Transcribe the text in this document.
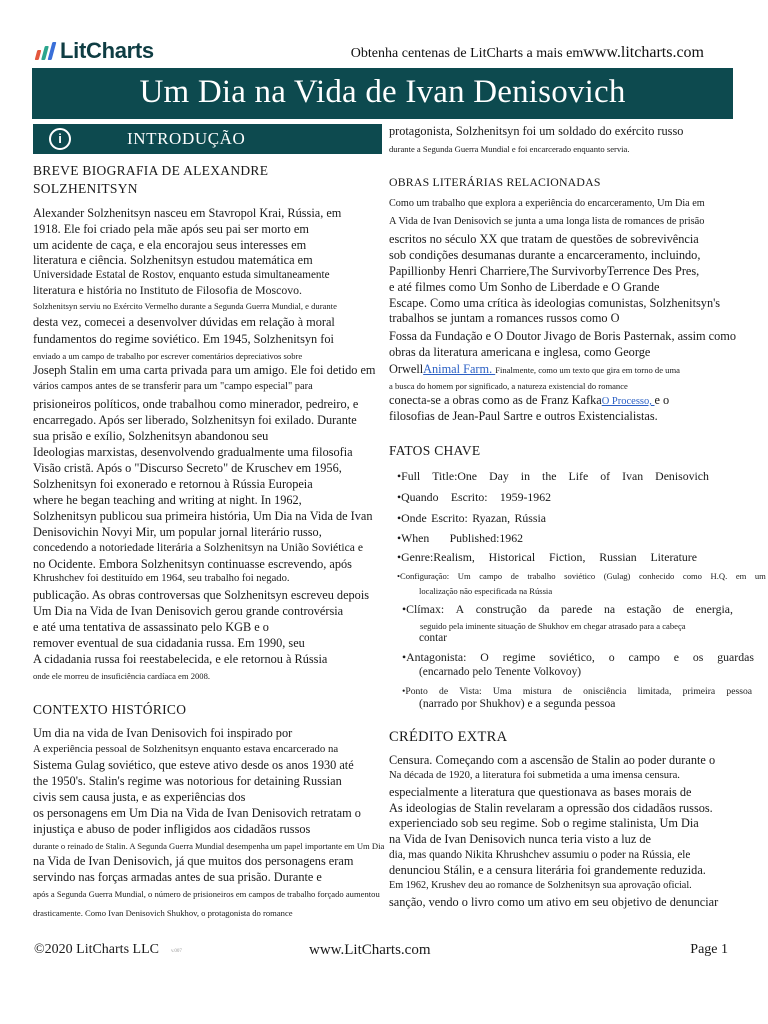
LitCharts	Obtenha centenas de LitCharts a mais emwww.litcharts.com
Um Dia na Vida de Ivan Denisovich
i	INTRODUÇÃO
BREVE BIOGRAFIA DE ALEXANDRE
SOLZHENITSYN
Alexander Solzhenitsyn nasceu em Stavropol Krai, Rússia, em
1918. Ele foi criado pela mãe após seu pai ser morto em
um acidente de caça, e ela encorajou seus interesses em
literatura e ciência. Solzhenitsyn estudou matemática em
Universidade Estatal de Rostov, enquanto estuda simultaneamente
literatura e história no Instituto de Filosofia de Moscovo.
Solzhenitsyn serviu no Exército Vermelho durante a Segunda Guerra Mundial, e durante
desta vez, comecei a desenvolver dúvidas em relação à moral
fundamentos do regime soviético. Em 1945, Solzhenitsyn foi
enviado a um campo de trabalho por escrever comentários depreciativos sobre
Joseph Stalin em uma carta privada para um amigo. Ele foi detido em
vários campos antes de se transferir para um "campo especial" para
prisioneiros políticos, onde trabalhou como minerador, pedreiro, e
encarregado. Após ser liberado, Solzhenitsyn foi exilado. Durante
sua prisão e exílio, Solzhenitsyn abandonou seu
Ideologias marxistas, desenvolvendo gradualmente uma filosofia
Visão cristã. Após o "Discurso Secreto" de Kruschev em 1956,
Solzhenitsyn foi exonerado e retornou à Rússia Europeia
where he began teaching and writing at night. In 1962,
Solzhenitsyn publicou sua primeira história, Um Dia na Vida de Ivan
Denisovichin Novyi Mir, um popular jornal literário russo,
concedendo a notoriedade literária a Solzhenitsyn na União Soviética e
no Ocidente. Embora Solzhenitsyn continuasse escrevendo, após
Khrushchev foi destituído em 1964, seu trabalho foi negado.
publicação. As obras controversas que Solzhenitsyn escreveu depois
Um Dia na Vida de Ivan Denisovich gerou grande controvérsia
e até uma tentativa de assassinato pelo KGB e o
remover eventual de sua cidadania russa. Em 1990, seu
A cidadania russa foi reestabelecida, e ele retornou à Rússia
onde ele morreu de insuficiência cardíaca em 2008.
CONTEXTO HISTÓRICO
Um dia na vida de Ivan Denisovich foi inspirado por
A experiência pessoal de Solzhenitsyn enquanto estava encarcerado na
Sistema Gulag soviético, que esteve ativo desde os anos 1930 até
the 1950's. Stalin's regime was notorious for detaining Russian
civis sem causa justa, e as experiências dos
os personagens em Um Dia na Vida de Ivan Denisovich retratam o
injustiça e abuso de poder infligidos aos cidadãos russos
durante o reinado de Stalin. A Segunda Guerra Mundial desempenha um papel importante em Um Dia
na Vida de Ivan Denisovich, já que muitos dos personagens eram
servindo nas forças armadas antes de sua prisão. Durante e
após a Segunda Guerra Mundial, o número de prisioneiros em campos de trabalho forçado aumentou
drasticamente. Como Ivan Denisovich Shukhov, o protagonista do romance
protagonista, Solzhenitsyn foi um soldado do exército russo
durante a Segunda Guerra Mundial e foi encarcerado enquanto servia.
OBRAS LITERÁRIAS RELACIONADAS
Como um trabalho que explora a experiência do encarceramento, Um Dia em
A Vida de Ivan Denisovich se junta a uma longa lista de romances de prisão
escritos no século XX que tratam de questões de sobrevivência
sob condições desumanas durante a encarceramento, incluindo,
Papillionby Henri Charriere,The SurvivorbyTerrence Des Pres,
e até filmes como Um Sonho de Liberdade e O Grande
Escape. Como uma crítica às ideologias comunistas, Solzhenitsyn's
trabalhos se juntam a romances russos como O
Fossa da Fundação e O Doutor Jivago de Boris Pasternak, assim como
obras da literatura americana e inglesa, como George
OrwellAnimal Farm. Finalmente, como um texto que gira em torno de uma
a busca do homem por significado, a natureza existencial do romance
conecta-se a obras como as de Franz KafkaO Processo, e o
filosofias de Jean-Paul Sartre e outros Existencialistas.
FATOS CHAVE
•Full Title:One Day in the Life of Ivan Denisovich
•Quando Escrito: 1959-1962
•Onde Escrito: Ryazan, Rússia
•When Published:1962
•Genre:Realism, Historical Fiction, Russian Literature
•Configuração: Um campo de trabalho soviético (Gulag) conhecido como H.Q. em um
localização não especificada na Rússia
•Clímax: A construção da parede na estação de energia,
seguido pela iminente situação de Shukhov em chegar atrasado para a cabeça
contar
•Antagonista: O regime soviético, o campo e os guardas
(encarnado pelo Tenente Volkovoy)
•Ponto de Vista: Uma mistura de onisciência limitada, primeira pessoa
(narrado por Shukhov) e a segunda pessoa
CRÉDITO EXTRA
Censura. Começando com a ascensão de Stalin ao poder durante o
Na década de 1920, a literatura foi submetida a uma imensa censura.
especialmente a literatura que questionava as bases morais de
As ideologias de Stalin revelaram a opressão dos cidadãos russos.
experienciado sob seu regime. Sob o regime stalinista, Um Dia
na Vida de Ivan Denisovich nunca teria visto a luz de
dia, mas quando Nikita Khrushchev assumiu o poder na Rússia, ele
denunciou Stálin, e a censura literária foi grandemente reduzida.
Em 1962, Krushev deu ao romance de Solzhenitsyn sua aprovação oficial.
sanção, vendo o livro como um ativo em seu objetivo de denunciar
©2020 LitCharts LLC v.007	www.LitCharts.com	Page 1
